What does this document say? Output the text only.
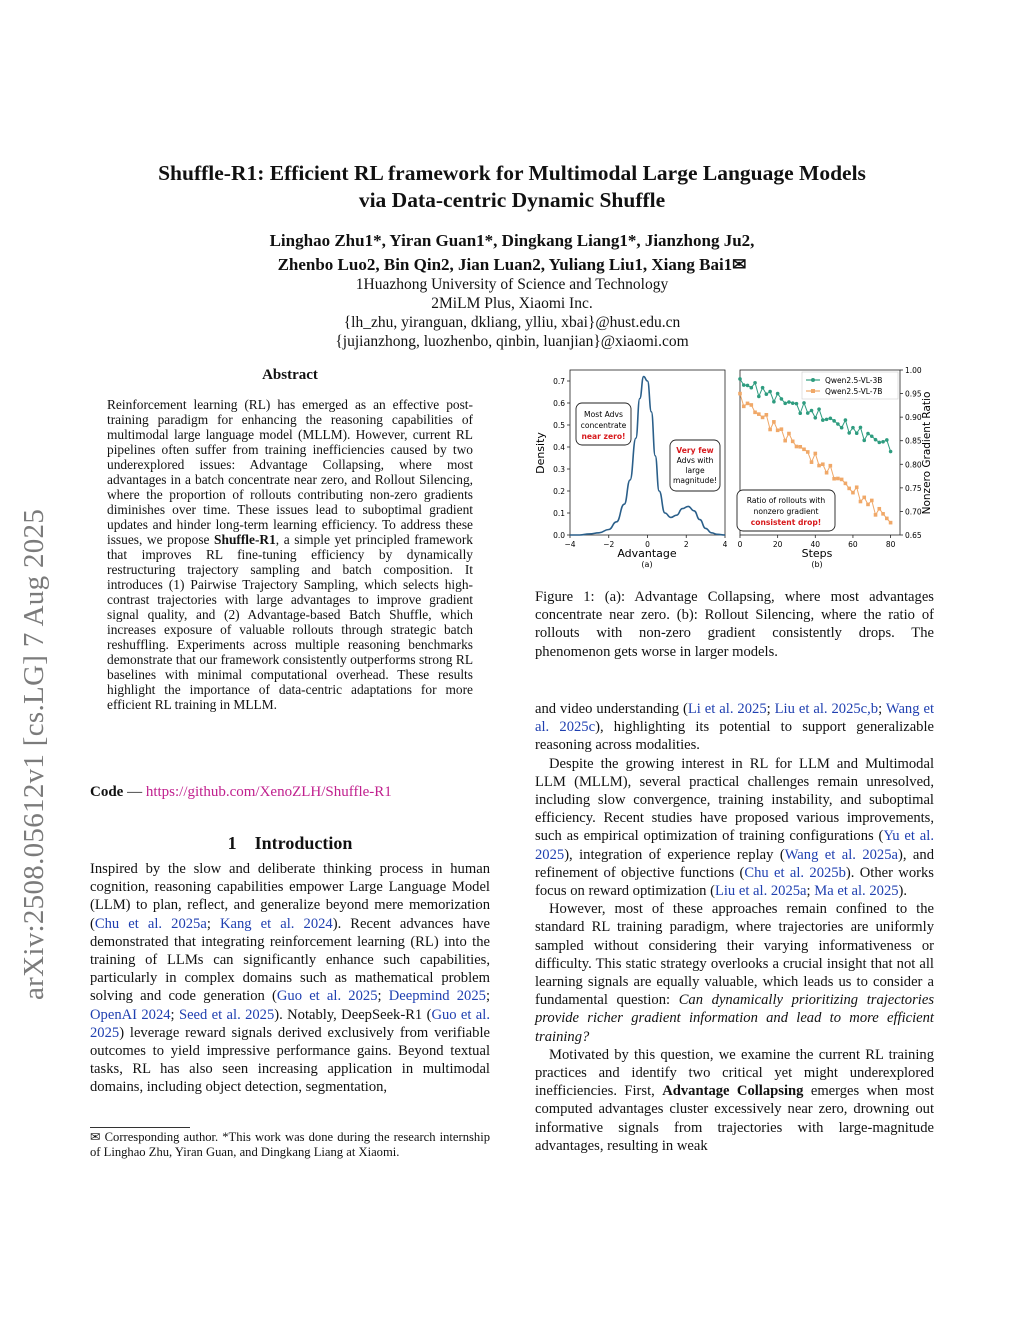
Shuffle-R1: Efficient RL framework for Multimodal Large Language Models
via Data-centric Dynamic Shuffle
Linghao Zhu1*, Yiran Guan1*, Dingkang Liang1*, Jianzhong Ju2,
Zhenbo Luo2, Bin Qin2, Jian Luan2, Yuliang Liu1, Xiang Bai1✉
1Huazhong University of Science and Technology
2MiLM Plus, Xiaomi Inc.
{lh_zhu, yiranguan, dkliang, ylliu, xbai}@hust.edu.cn
{jujianzhong, luozhenbo, qinbin, luanjian}@xiaomi.com
arXiv:2508.05612v1 [cs.LG] 7 Aug 2025
Abstract
Reinforcement learning (RL) has emerged as an effective post-training paradigm for enhancing the reasoning capabilities of multimodal large language model (MLLM). However, current RL pipelines often suffer from training inefficiencies caused by two underexplored issues: Advantage Collapsing, where most advantages in a batch concentrate near zero, and Rollout Silencing, where the proportion of rollouts contributing non-zero gradients diminishes over time. These issues lead to suboptimal gradient updates and hinder long-term learning efficiency. To address these issues, we propose Shuffle-R1, a simple yet principled framework that improves RL fine-tuning efficiency by dynamically restructuring trajectory sampling and batch composition. It introduces (1) Pairwise Trajectory Sampling, which selects high-contrast trajectories with large advantages to improve gradient signal quality, and (2) Advantage-based Batch Shuffle, which increases exposure of valuable rollouts through strategic batch reshuffling. Experiments across multiple reasoning benchmarks demonstrate that our framework consistently outperforms strong RL baselines with minimal computational overhead. These results highlight the importance of data-centric adaptations for more efficient RL training in MLLM.
Code — https://github.com/XenoZLH/Shuffle-R1
1 Introduction

Inspired by the slow and deliberate thinking process in human cognition, reasoning capabilities empower Large Language Model (LLM) to plan, reflect, and generalize beyond mere memorization (Chu et al. 2025a; Kang et al. 2024). Recent advances have demonstrated that integrating reinforcement learning (RL) into the training of LLMs can significantly enhance such capabilities, particularly in complex domains such as mathematical problem solving and code generation (Guo et al. 2025; Deepmind 2025; OpenAI 2024; Seed et al. 2025). Notably, DeepSeek-R1 (Guo et al. 2025) leverage reward signals derived exclusively from verifiable outcomes to yield impressive performance gains. Beyond textual tasks, RL has also seen increasing application in multimodal domains, including object detection, segmentation,

✉ Corresponding author. *This work was done during the research internship of Linghao Zhu, Yiran Guan, and Dingkang Liang at Xiaomi.
0.0
0.1
0.2
0.3
0.4
0.5
0.6
0.7
−4	−2	0	2	4
Advantage
(a)
Density
Most Advs
concentrate
near zero!
Very few
Advs with
large
magnitude!
0.65
0.70
0.75
0.80
0.85
0.90
0.95
1.00
0	20	40	60	80
Steps
(b)
Nonzero Gradient Ratio
Qwen2.5-VL-3B
Qwen2.5-VL-7B
Ratio of rollouts with
nonzero gradient
consistent drop!
Figure 1: (a): Advantage Collapsing, where most advantages concentrate near zero. (b): Rollout Silencing, where the ratio of rollouts with non-zero gradient consistently drops. The phenomenon gets worse in larger models.

and video understanding (Li et al. 2025; Liu et al. 2025c,b; Wang et al. 2025c), highlighting its potential to support generalizable reasoning across modalities.

Despite the growing interest in RL for LLM and Multimodal LLM (MLLM), several practical challenges remain unresolved, including slow convergence, training instability, and suboptimal efficiency. Recent studies have proposed various improvements, such as empirical optimization of training configurations (Yu et al. 2025), integration of experience replay (Wang et al. 2025a), and refinement of objective functions (Chu et al. 2025b). Other works focus on reward optimization (Liu et al. 2025a; Ma et al. 2025).

However, most of these approaches remain confined to the standard RL training paradigm, where trajectories are uniformly sampled without considering their varying informativeness or difficulty. This static strategy overlooks a crucial insight that not all learning signals are equally valuable, which leads us to consider a fundamental question: Can dynamically prioritizing trajectories provide richer gradient information and lead to more efficient training?

Motivated by this question, we examine the current RL training practices and identify two critical yet might underexplored inefficiencies. First, Advantage Collapsing emerges when most computed advantages cluster excessively near zero, drowning out informative signals from trajectories with large-magnitude advantages, resulting in weak
